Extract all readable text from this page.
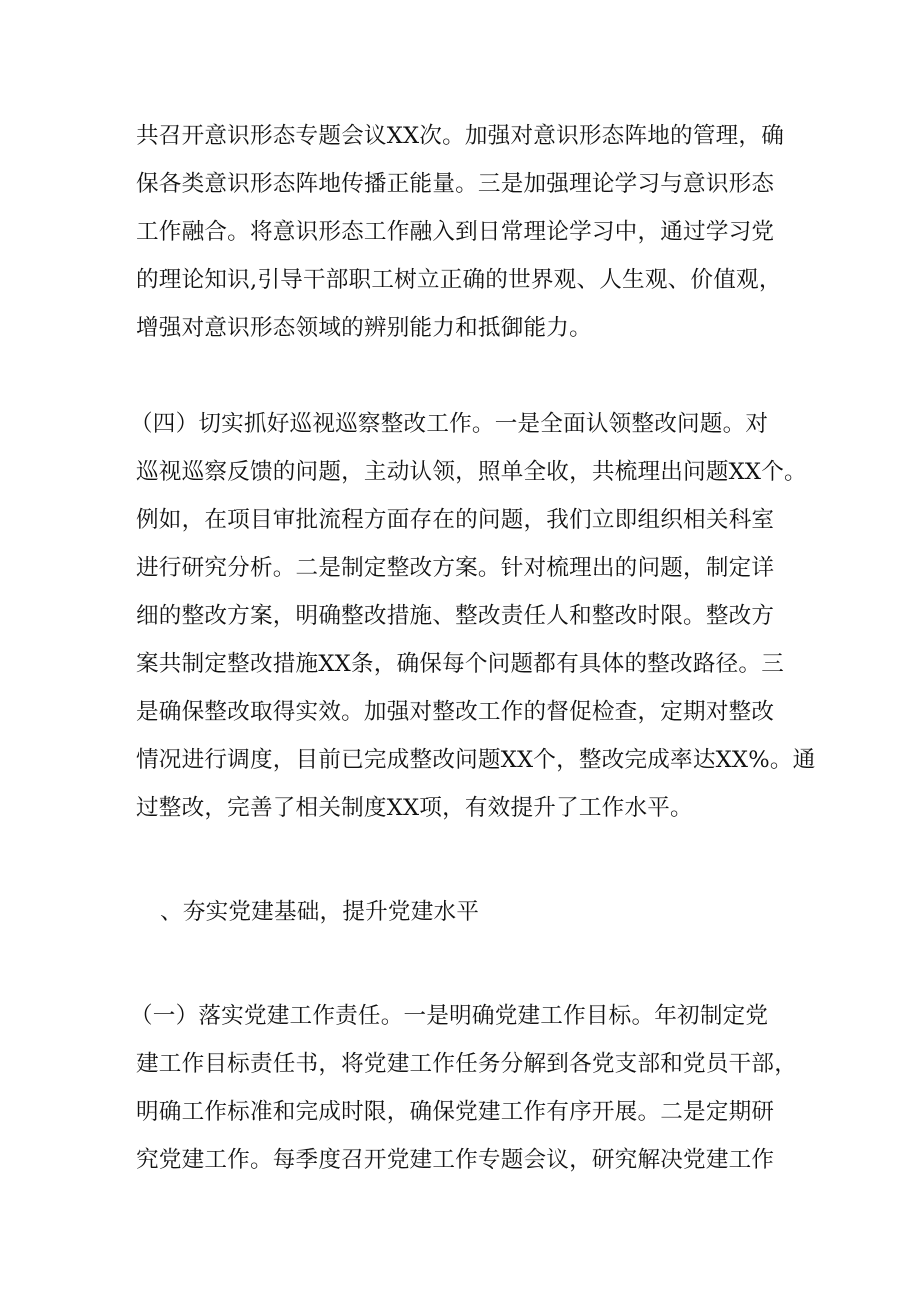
共召开意识形态专题会议XX次。加强对意识形态阵地的管理，确
保各类意识形态阵地传播正能量。三是加强理论学习与意识形态
工作融合。将意识形态工作融入到日常理论学习中，通过学习党
的理论知识,引导干部职工树立正确的世界观、人生观、价值观，
增强对意识形态领域的辨别能力和抵御能力。
（四）切实抓好巡视巡察整改工作。一是全面认领整改问题。对
巡视巡察反馈的问题，主动认领，照单全收，共梳理出问题XX个。
例如，在项目审批流程方面存在的问题，我们立即组织相关科室
进行研究分析。二是制定整改方案。针对梳理出的问题，制定详
细的整改方案，明确整改措施、整改责任人和整改时限。整改方
案共制定整改措施XX条，确保每个问题都有具体的整改路径。三
是确保整改取得实效。加强对整改工作的督促检查，定期对整改
情况进行调度，目前已完成整改问题XX个，整改完成率达XX%。通
过整改，完善了相关制度XX项，有效提升了工作水平。
、夯实党建基础，提升党建水平
（一）落实党建工作责任。一是明确党建工作目标。年初制定党
建工作目标责任书，将党建工作任务分解到各党支部和党员干部，
明确工作标准和完成时限，确保党建工作有序开展。二是定期研
究党建工作。每季度召开党建工作专题会议，研究解决党建工作
